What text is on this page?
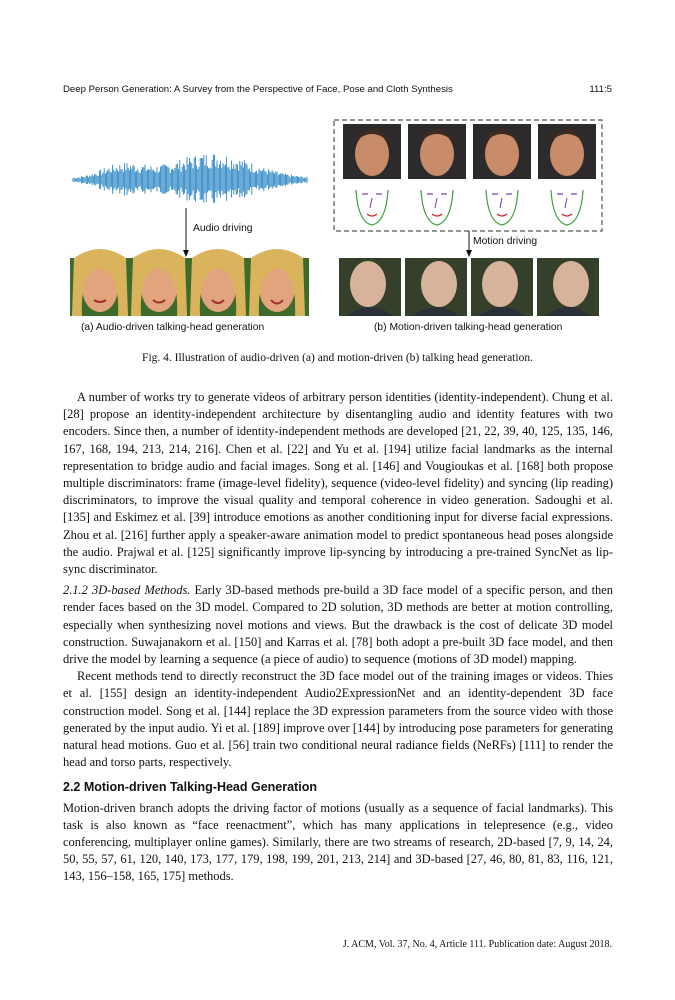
Deep Person Generation: A Survey from the Perspective of Face, Pose and Cloth Synthesis	111:5
Audio driving
Motion driving
(a) Audio-driven talking-head generation	(b) Motion-driven talking-head generation
Fig. 4. Illustration of audio-driven (a) and motion-driven (b) talking head generation.

A number of works try to generate videos of arbitrary person identities (identity-independent). Chung et al. [28] propose an identity-independent architecture by disentangling audio and identity features with two encoders. Since then, a number of identity-independent methods are developed [21, 22, 39, 40, 125, 135, 146, 167, 168, 194, 213, 214, 216]. Chen et al. [22] and Yu et al. [194] utilize facial landmarks as the internal representation to bridge audio and facial images. Song et al. [146] and Vougioukas et al. [168] both propose multiple discriminators: frame (image-level fidelity), sequence (video-level fidelity) and syncing (lip reading) discriminators, to improve the visual quality and temporal coherence in video generation. Sadoughi et al. [135] and Eskimez et al. [39] introduce emotions as another conditioning input for diverse facial expressions. Zhou et al. [216] further apply a speaker-aware animation model to predict spontaneous head poses alongside the audio. Prajwal et al. [125] significantly improve lip-syncing by introducing a pre-trained SyncNet as lip-sync discriminator.

2.1.2 3D-based Methods. Early 3D-based methods pre-build a 3D face model of a specific person, and then render faces based on the 3D model. Compared to 2D solution, 3D methods are better at motion controlling, especially when synthesizing novel motions and views. But the drawback is the cost of delicate 3D model construction. Suwajanakorn et al. [150] and Karras et al. [78] both adopt a pre-built 3D face model, and then drive the model by learning a sequence (a piece of audio) to sequence (motions of 3D model) mapping.

Recent methods tend to directly reconstruct the 3D face model out of the training images or videos. Thies et al. [155] design an identity-independent Audio2ExpressionNet and an identity-dependent 3D face construction model. Song et al. [144] replace the 3D expression parameters from the source video with those generated by the input audio. Yi et al. [189] improve over [144] by introducing pose parameters for generating natural head motions. Guo et al. [56] train two conditional neural radiance fields (NeRFs) [111] to render the head and torso parts, respectively.

2.2 Motion-driven Talking-Head Generation

Motion-driven branch adopts the driving factor of motions (usually as a sequence of facial landmarks). This task is also known as “face reenactment”, which has many applications in telepresence (e.g., video conferencing, multiplayer online games). Similarly, there are two streams of research, 2D-based [7, 9, 14, 24, 50, 55, 57, 61, 120, 140, 173, 177, 179, 198, 199, 201, 213, 214] and 3D-based [27, 46, 80, 81, 83, 116, 121, 143, 156–158, 165, 175] methods.

J. ACM, Vol. 37, No. 4, Article 111. Publication date: August 2018.
